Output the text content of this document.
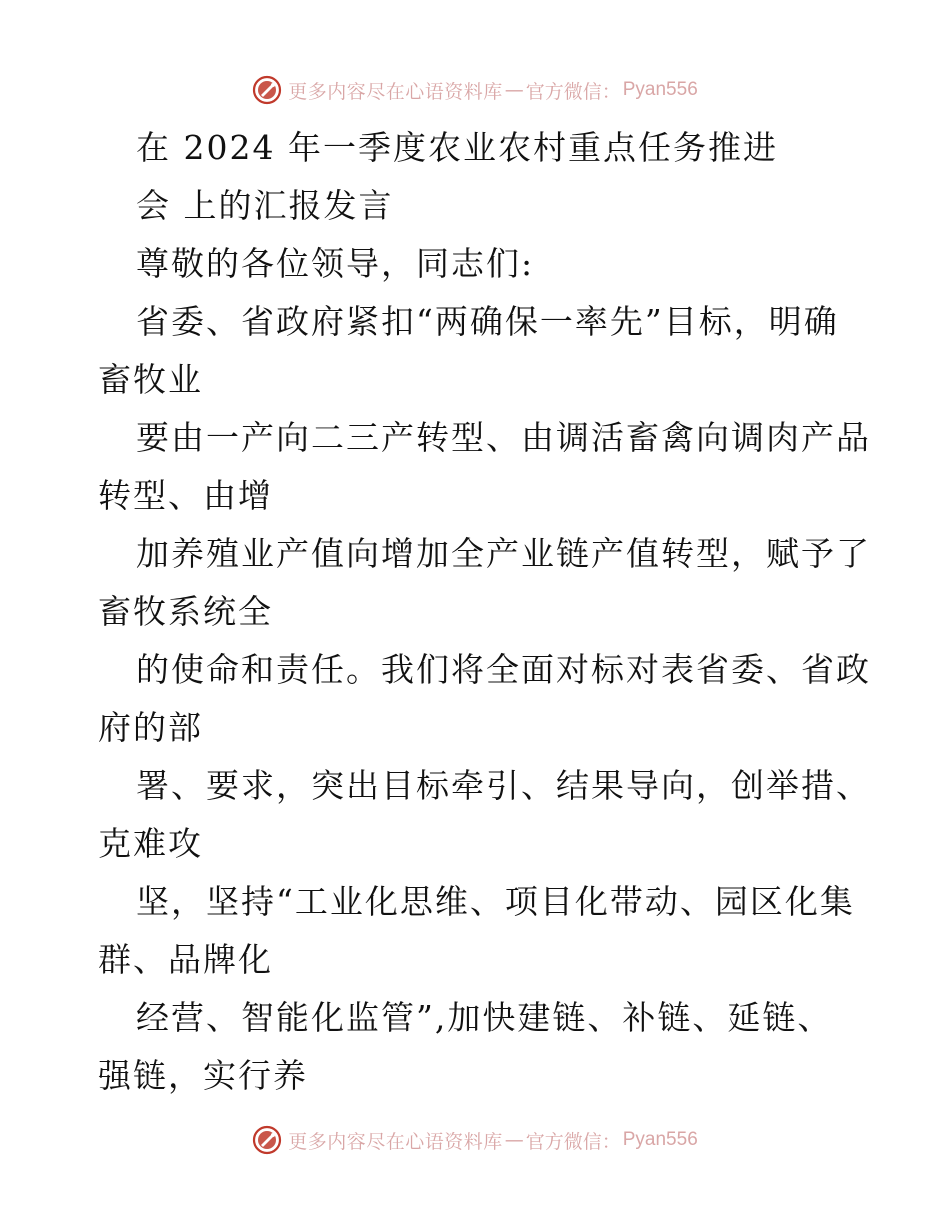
更多内容尽在心语资料库 — 官方微信： Pyan556
在 2024 年一季度农业农村重点任务推进
会 上的汇报发言
尊敬的各位领导，同志们:
省委、省政府紧扣“两确保一率先”目标，明确
畜牧业
要由一产向二三产转型、由调活畜禽向调肉产品
转型、由增
加养殖业产值向增加全产业链产值转型，赋予了
畜牧系统全
的使命和责任。我们将全面对标对表省委、省政
府的部
署、要求，突出目标牵引、结果导向，创举措、
克难攻
坚，坚持“工业化思维、项目化带动、园区化集
群、品牌化
经营、智能化监管”,加快建链、补链、延链、
强链，实行养
更多内容尽在心语资料库 — 官方微信： Pyan556
